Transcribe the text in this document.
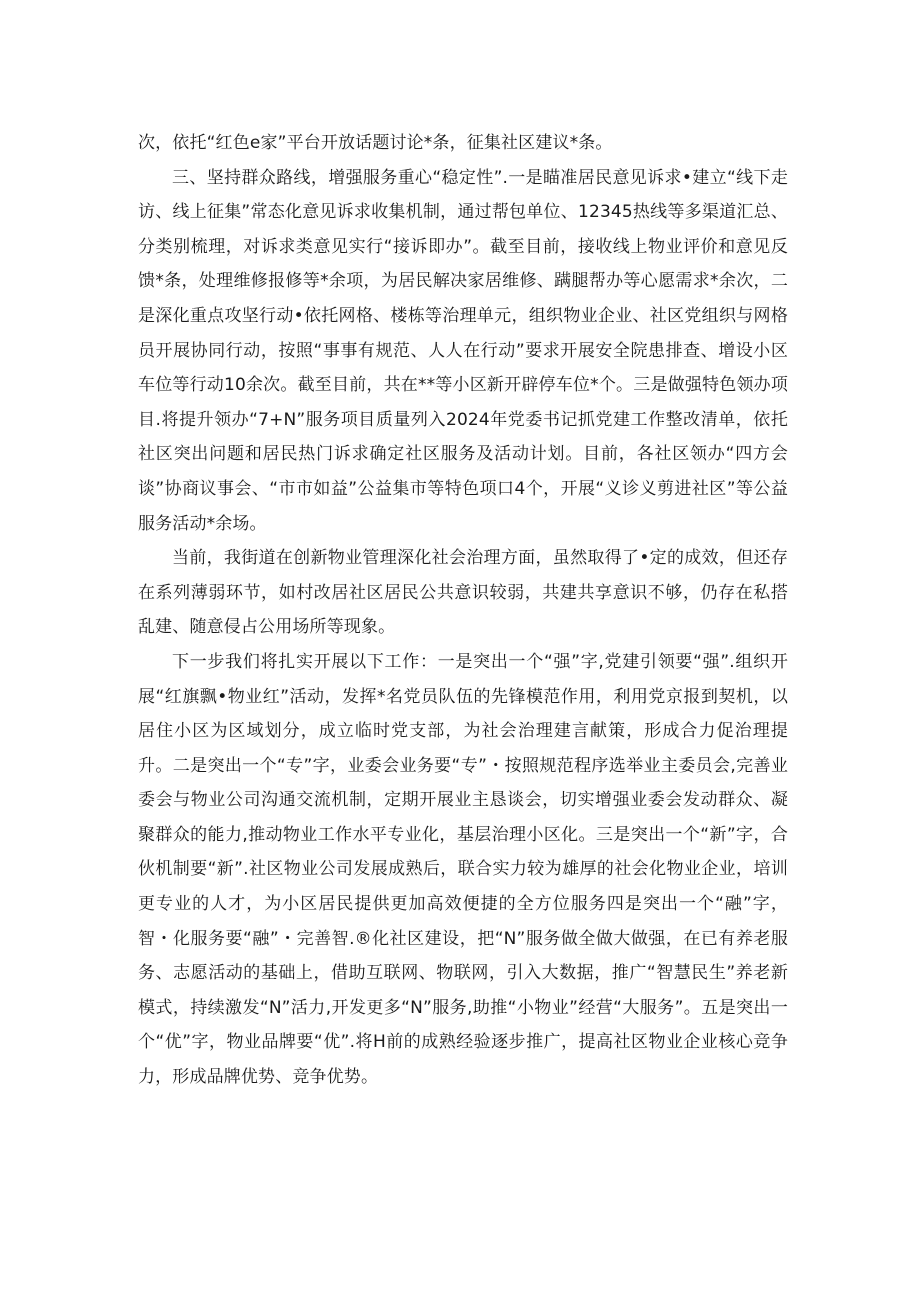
次，依托“红色e家”平台开放话题讨论*条，征集社区建议*条。

三、坚持群众路线，增强服务重心“稳定性”.一是瞄准居民意见诉求•建立“线下走访、线上征集”常态化意见诉求收集机制，通过帮包单位、12345热线等多渠道汇总、分类别梳理，对诉求类意见实行“接诉即办”。截至目前，接收线上物业评价和意见反馈*条，处理维修报修等*余项，为居民解决家居维修、蹒腿帮办等心愿需求*余次，二是深化重点攻坚行动•依托网格、楼栋等治理单元，组织物业企业、社区党组织与网格员开展协同行动，按照“事事有规范、人人在行动”要求开展安全院患排查、增设小区车位等行动10余次。截至目前，共在**等小区新开辟停车位*个。三是做强特色领办项目.将提升领办“7+N”服务项目质量列入2024年党委书记抓党建工作整改清单，依托社区突出问题和居民热门诉求确定社区服务及活动计划。目前，各社区领办“四方会谈”协商议事会、“市市如益”公益集市等特色项口4个，开展“义诊义剪进社区”等公益服务活动*余场。

当前，我街道在创新物业管理深化社会治理方面，虽然取得了•定的成效，但还存在系列薄弱环节，如村改居社区居民公共意识较弱，共建共享意识不够，仍存在私搭乱建、随意侵占公用场所等现象。

下一步我们将扎实开展以下工作：一是突出一个“强”字,党建引领要“强”.组织开展“红旗飘•物业红”活动，发挥*名党员队伍的先锋模范作用，利用党京报到契机，以居住小区为区域划分，成立临时党支部，为社会治理建言献策，形成合力促治理提升。二是突出一个“专”字，业委会业务要“专”・按照规范程序选举业主委员会,完善业委会与物业公司沟通交流机制，定期开展业主恳谈会，切实增强业委会发动群众、凝聚群众的能力,推动物业工作水平专业化，基层治理小区化。三是突出一个“新”字，合伙机制要“新”.社区物业公司发展成熟后，联合实力较为雄厚的社会化物业企业，培训更专业的人才，为小区居民提供更加高效便捷的全方位服务四是突出一个“融”字，智・化服务要“融”・完善智.®化社区建设，把“N”服务做全做大做强，在已有养老服务、志愿活动的基础上，借助互联网、物联网，引入大数据，推广“智慧民生”养老新模式，持续激发“N”活力,开发更多“N”服务,助推“小物业”经营“大服务”。五是突出一个“优”字，物业品牌要“优”.将H前的成熟经验逐步推广，提高社区物业企业核心竞争力，形成品牌优势、竞争优势。
